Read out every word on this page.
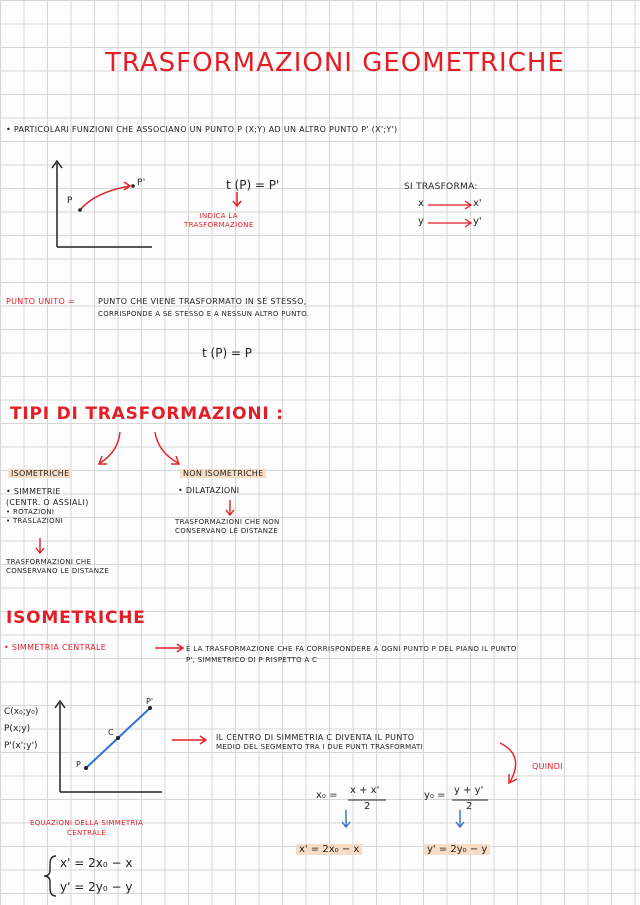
TRASFORMAZIONI GEOMETRICHE
• PARTICOLARI FUNZIONI CHE ASSOCIANO UN PUNTO P (X;Y) AD UN ALTRO PUNTO P' (X';Y')
P
P'	t (P) = P'
INDICA LA
TRASFORMAZIONE
SI TRASFORMA:
x	x'
y	y'
PUNTO UNITO =	PUNTO CHE VIENE TRASFORMATO IN SÉ STESSO,
CORRISPONDE A SÉ STESSO E A NESSUN ALTRO PUNTO.
t (P) = P
TIPI DI TRASFORMAZIONI :
ISOMETRICHE
• SIMMETRIE
(CENTR. O ASSIALI)
• ROTAZIONI
• TRASLAZIONI
TRASFORMAZIONI CHE
CONSERVANO LE DISTANZE
NON ISOMETRICHE
• DILATAZIONI
TRASFORMAZIONI CHE NON
CONSERVANO LE DISTANZE
ISOMETRICHE
• SIMMETRIA CENTRALE	È LA TRASFORMAZIONE CHE FA CORRISPONDERE A OGNI PUNTO P DEL PIANO IL PUNTO
P', SIMMETRICO DI P RISPETTO A C
C(x₀;y₀)
P(x;y)
P'(x';y')
P
C
P'
IL CENTRO DI SIMMETRIA C DIVENTA IL PUNTO
MEDIO DEL SEGMENTO TRA I DUE PUNTI TRASFORMATI
QUINDI
x₀ = x + x'
2
y₀ = y + y'
2
x' = 2x₀ − x	y' = 2y₀ − y
EQUAZIONI DELLA SIMMETRIA
CENTRALE
x' = 2x₀ − x
y' = 2y₀ − y
